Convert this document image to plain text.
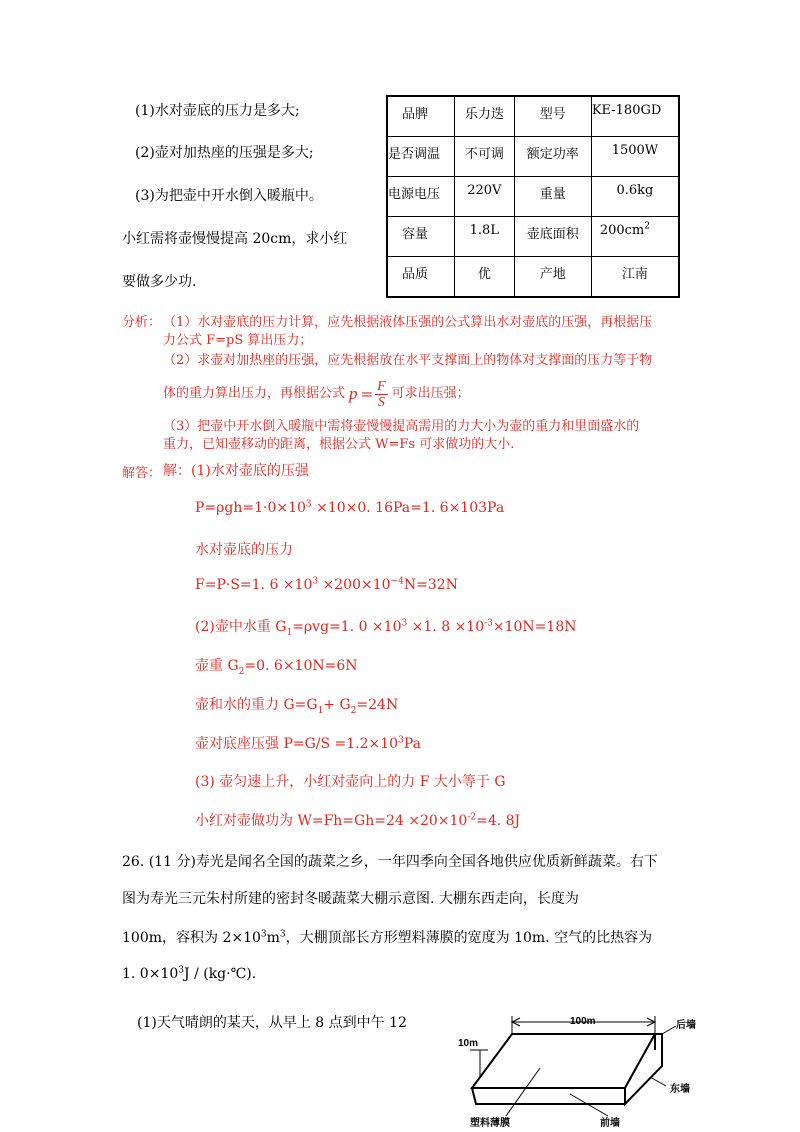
(1)水对壶底的压力是多大;
(2)壶对加热座的压强是多大;
(3)为把壶中开水倒入暖瓶中。
小红需将壶慢慢提高 20cm，求小红
要做多少功.
品脾	乐力迭	型号	KE-180GD
是否调温	不可调	额定功率	1500W
电源电压	220V	重量	0.6kg
容量	1.8L	壶底面积	$200cm^2$
品质	优	产地	江南
分析： （1）水对壶底的压力计算，应先根据液体压强的公式算出水对壶底的压强，再根据压
力公式 F=pS 算出压力；
（2）求壶对加热座的压强，应先根据放在水平支撑面上的物体对支撑面的压力等于物
体的重力算出压力，再根据公式 $p = \frac{F}{S}$ 可求出压强；
（3）把壶中开水倒入暖瓶中需将壶慢慢提高需用的力大小为壶的重力和里面盛水的
重力，已知壶移动的距离，根据公式 W=Fs 可求做功的大小.
解答： 解：(1)水对壶底的压强
$P=\rho gh=1\cdot 0\times 10^3 \times 10\times 0$. 16Pa=1. 6×103Pa
水对壶底的压力
F=P·S=1. $6 \times 10^3 \times 200\times 10^{-4}N=32N$
(2)壶中水重 $G_1=\rho vg=1$. $0 \times 10^3 \times 1$. $8 \times 10^{-3}\times 10N=18N$
壶重 $G_2=0$. 6×10N=6N
壶和水的重力 $G=G_1+ G_2=24N$
壶对底座压强 $P=G/S =1.2\times 10^3Pa$
(3) 壶匀速上升，小红对壶向上的力 F 大小等于 G
小红对壶做功为 $W=Fh=Gh=24 \times 20\times 10^{-2}=4$. 8J
26. (11 分)寿光是闻名全国的蔬菜之乡，一年四季向全国各地供应优质新鲜蔬菜。右下
图为寿光三元朱村所建的密封冬暖蔬菜大棚示意图. 大棚东西走向，长度为
100m，容积为 $2\times 10^3m^3$，大棚顶部长方形塑料薄膜的宽度为 10m. 空气的比热容为
1. $0\times 10^3J$ / (kg·℃).
(1)天气晴朗的某天，从早上 8 点到中午 12	100m
10m
后墙
东墙
前墙
塑料薄膜
